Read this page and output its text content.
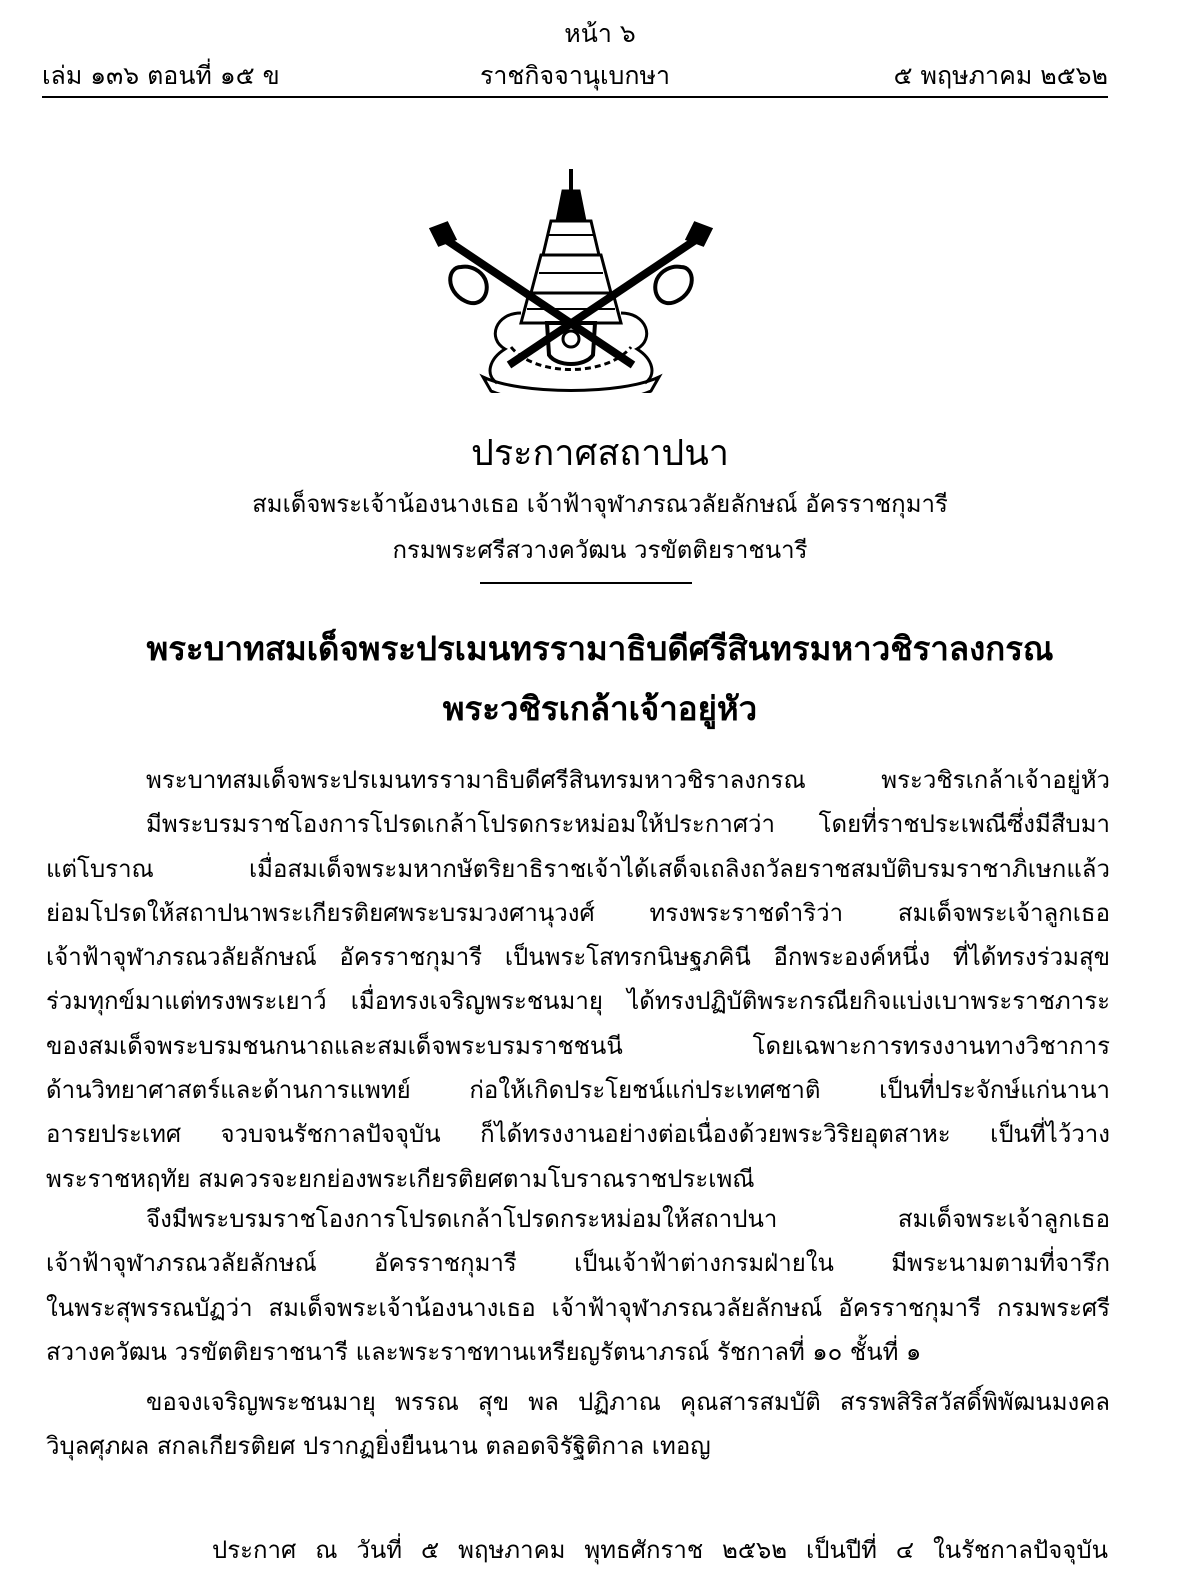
หน้า ๖
ราชกิจจานุเบกษา
เล่ม ๑๓๖ ตอนที่ ๑๕ ข	๕ พฤษภาคม ๒๕๖๒
ประกาศสถาปนา
สมเด็จพระเจ้าน้องนางเธอ เจ้าฟ้าจุฬาภรณวลัยลักษณ์ อัครราชกุมารี
กรมพระศรีสวางควัฒน วรขัตติยราชนารี
พระบาทสมเด็จพระปรเมนทรรามาธิบดีศรีสินทรมหาวชิราลงกรณ
พระวชิรเกล้าเจ้าอยู่หัว
พระบาทสมเด็จพระปรเมนทรรามาธิบดีศรีสินทรมหาวชิราลงกรณ พระวชิรเกล้าเจ้าอยู่หัว
มีพระบรมราชโองการโปรดเกล้าโปรดกระหม่อมให้ประกาศว่า โดยที่ราชประเพณีซึ่งมีสืบมา
แต่โบราณ เมื่อสมเด็จพระมหากษัตริยาธิราชเจ้าได้เสด็จเถลิงถวัลยราชสมบัติบรมราชาภิเษกแล้ว
ย่อมโปรดให้สถาปนาพระเกียรติยศพระบรมวงศานุวงศ์ ทรงพระราชดำริว่า สมเด็จพระเจ้าลูกเธอ
เจ้าฟ้าจุฬาภรณวลัยลักษณ์ อัครราชกุมารี เป็นพระโสทรกนิษฐภคินี อีกพระองค์หนึ่ง ที่ได้ทรงร่วมสุข
ร่วมทุกข์มาแต่ทรงพระเยาว์ เมื่อทรงเจริญพระชนมายุ ได้ทรงปฏิบัติพระกรณียกิจแบ่งเบาพระราชภาระ
ของสมเด็จพระบรมชนกนาถและสมเด็จพระบรมราชชนนี โดยเฉพาะการทรงงานทางวิชาการ
ด้านวิทยาศาสตร์และด้านการแพทย์ ก่อให้เกิดประโยชน์แก่ประเทศชาติ เป็นที่ประจักษ์แก่นานา
อารยประเทศ จวบจนรัชกาลปัจจุบัน ก็ได้ทรงงานอย่างต่อเนื่องด้วยพระวิริยอุตสาหะ เป็นที่ไว้วาง
พระราชหฤทัย สมควรจะยกย่องพระเกียรติยศตามโบราณราชประเพณี
จึงมีพระบรมราชโองการโปรดเกล้าโปรดกระหม่อมให้สถาปนา สมเด็จพระเจ้าลูกเธอ
เจ้าฟ้าจุฬาภรณวลัยลักษณ์ อัครราชกุมารี เป็นเจ้าฟ้าต่างกรมฝ่ายใน มีพระนามตามที่จารึก
ในพระสุพรรณบัฏว่า สมเด็จพระเจ้าน้องนางเธอ เจ้าฟ้าจุฬาภรณวลัยลักษณ์ อัครราชกุมารี กรมพระศรี
สวางควัฒน วรขัตติยราชนารี และพระราชทานเหรียญรัตนาภรณ์ รัชกาลที่ ๑๐ ชั้นที่ ๑
ขอจงเจริญพระชนมายุ พรรณ สุข พล ปฏิภาณ คุณสารสมบัติ สรรพสิริสวัสดิ์พิพัฒนมงคล
วิบุลศุภผล สกลเกียรติยศ ปรากฏยิ่งยืนนาน ตลอดจิรัฐิติกาล เทอญ
ประกาศ ณ วันที่ ๕ พฤษภาคม พุทธศักราช ๒๕๖๒ เป็นปีที่ ๔ ในรัชกาลปัจจุบัน
